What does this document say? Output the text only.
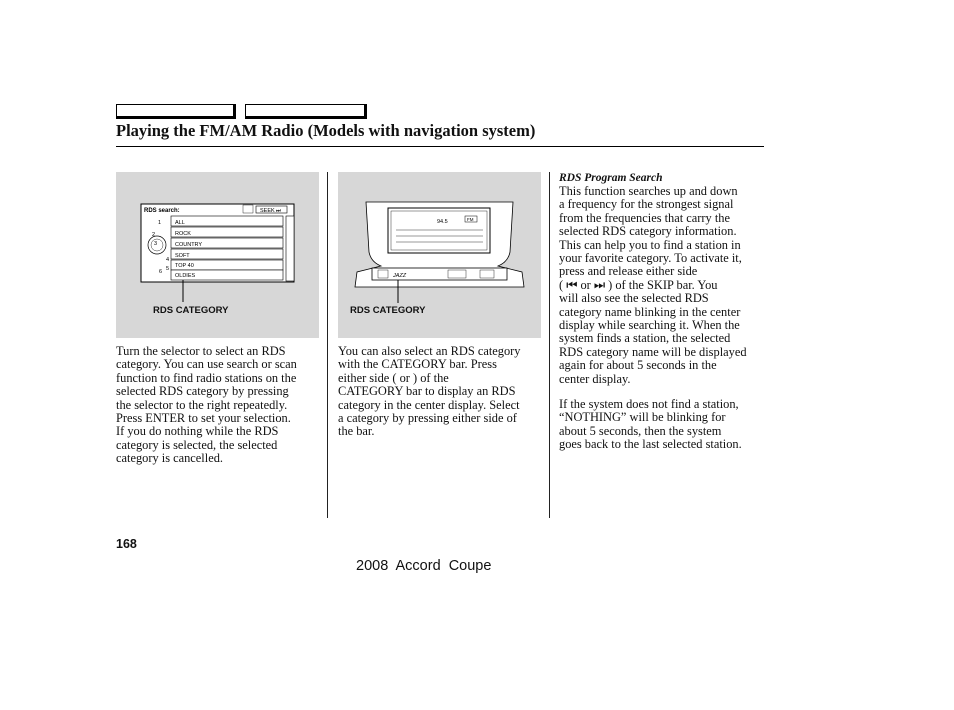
Playing the FM/AM Radio (Models with navigation system)
RDS search:	SEEK ⏭
1
2
3
4
5
6
ALL
ROCK
COUNTRY
SOFT
TOP 40
OLDIES
RDS CATEGORY
94.5	FM
JAZZ
RDS CATEGORY
Turn the selector to select an RDS
category. You can use search or scan
function to find radio stations on the
selected RDS category by pressing
the selector to the right repeatedly.
Press ENTER to set your selection.
If you do nothing while the RDS
category is selected, the selected
category is cancelled.
You can also select an RDS category
with the CATEGORY bar. Press
either side ( or ) of the
CATEGORY bar to display an RDS
category in the center display. Select
a category by pressing either side of
the bar.
RDS Program Search
This function searches up and down
a frequency for the strongest signal
from the frequencies that carry the
selected RDS category information.
This can help you to find a station in
your favorite category. To activate it,
press and release either side
( ⏮ or ⏭ ) of the SKIP bar. You
will also see the selected RDS
category name blinking in the center
display while searching it. When the
system finds a station, the selected
RDS category name will be displayed
again for about 5 seconds in the
center display.
If the system does not find a station,
“NOTHING” will be blinking for
about 5 seconds, then the system
goes back to the last selected station.
168
2008  Accord  Coupe
